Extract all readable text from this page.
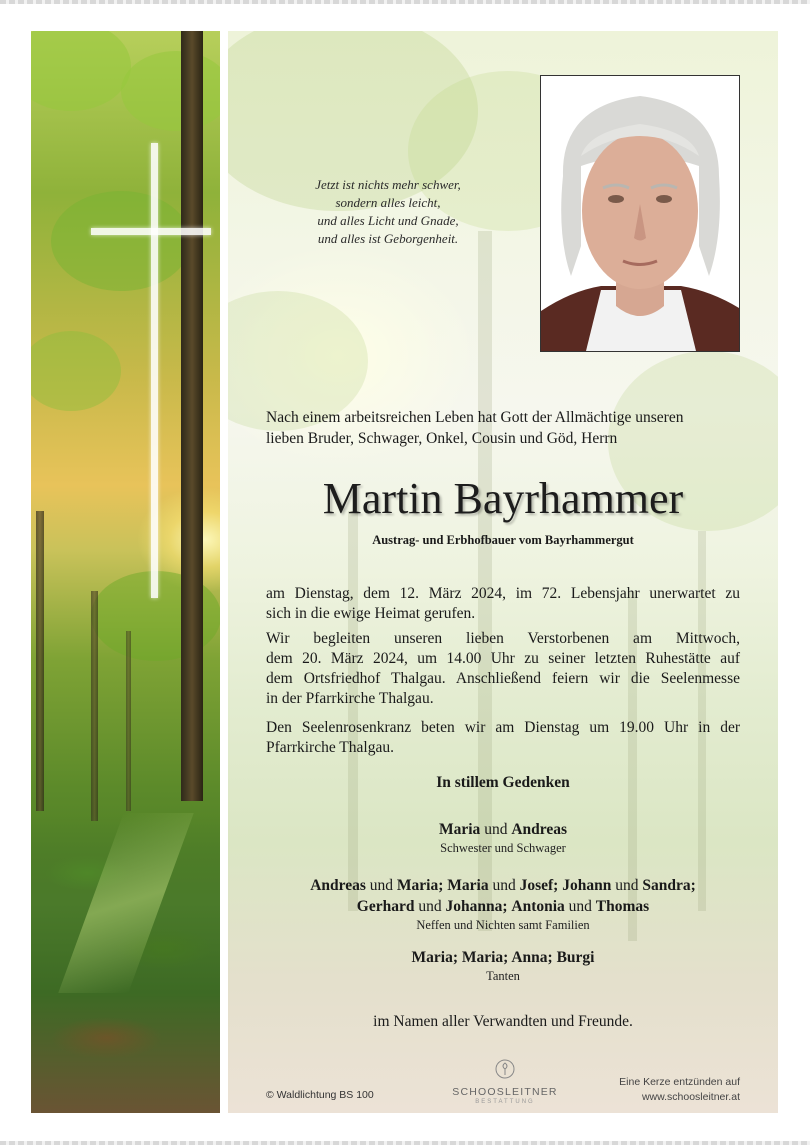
Jetzt ist nichts mehr schwer,
sondern alles leicht,
und alles Licht und Gnade,
und alles ist Geborgenheit.
Nach einem arbeitsreichen Leben hat Gott der Allmächtige unseren
lieben Bruder, Schwager, Onkel, Cousin und Göd, Herrn
Martin Bayrhammer
Austrag- und Erbhofbauer vom Bayrhammergut
am Dienstag, dem 12. März 2024, im 72. Lebensjahr unerwartet zu
sich in die ewige Heimat gerufen.
Wir begleiten unseren lieben Verstorbenen am Mittwoch,
dem 20. März 2024, um 14.00 Uhr zu seiner letzten Ruhestätte auf
dem Ortsfriedhof Thalgau. Anschließend feiern wir die Seelenmesse
in der Pfarrkirche Thalgau.
Den Seelenrosenkranz beten wir am Dienstag um 19.00 Uhr in der
Pfarrkirche Thalgau.
In stillem Gedenken
Maria und Andreas
Schwester und Schwager
Andreas und Maria; Maria und Josef; Johann und Sandra;
Gerhard und Johanna; Antonia und Thomas
Neffen und Nichten samt Familien
Maria; Maria; Anna; Burgi
Tanten
im Namen aller Verwandten und Freunde.
© Waldlichtung BS 100	SCHOOSLEITNER
BESTATTUNG
Eine Kerze entzünden auf
www.schoosleitner.at
